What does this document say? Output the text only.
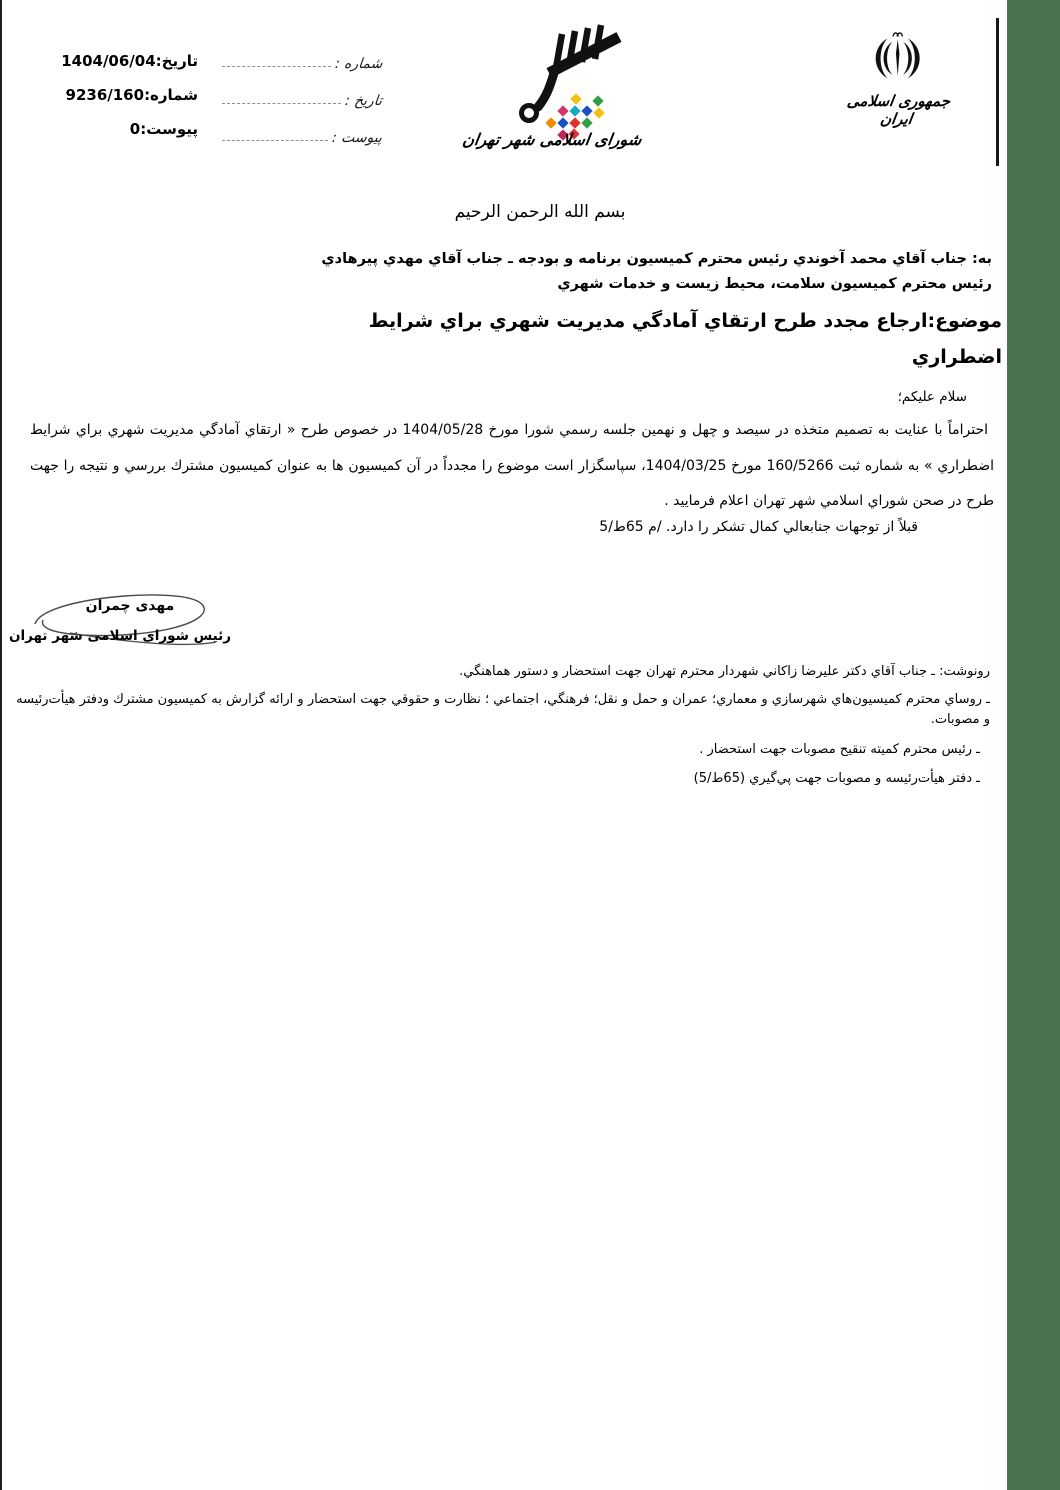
تاريخ:1404/06/04
شماره:9236/160
پيوست:0
شماره :
تاريخ :
پيوست :	شورای اسلامی شهر تهران
جمهوری اسلامی ایران
بسم الله الرحمن الرحيم
به: جناب آقاي محمد آخوندي رئيس محترم كميسيون برنامه و بودجه ـ جناب آقاي مهدي پيرهادي رئيس محترم كميسيون سلامت، محيط زيست و خدمات شهري
موضوع:ارجاع مجدد طرح ارتقاي آمادگي مديريت شهري براي شرايط اضطراري
سلام عليكم؛
احتراماً با عنايت به تصميم متخذه در سيصد و چهل و نهمين جلسه رسمي شورا مورخ 1404/05/28 در خصوص طرح « ارتقاي آمادگي مديريت شهري براي شرايط اضطراري » به شماره ثبت 160/5266 مورخ 1404/03/25، سپاسگزار است موضوع را مجدداً در آن كميسيون ها به عنوان كميسيون مشترك بررسي و نتيجه را جهت طرح در صحن شوراي اسلامي شهر تهران اعلام فرماييد .
قبلاً از توجهات جنابعالي كمال تشكر را دارد. /م 65ط/5
مهدی چمران
رئیس شورای اسلامی شهر تهران
رونوشت: ـ جناب آقاي دكتر عليرضا زاكاني شهردار محترم تهران جهت استحضار و دستور هماهنگي.
ـ روساي محترم كميسيون‌هاي شهرسازي و معماري؛ عمران و حمل و نقل؛ فرهنگي، اجتماعي ؛ نظارت و حقوقي جهت استحضار و ارائه گزارش به كميسيون مشترك ودفتر هيأت‌رئيسه و مصوبات.
ـ رئيس محترم كميته تنقيح مصوبات جهت استحضار .
ـ دفتر هيأت‌رئيسه و مصوبات جهت پي‌گيري (65ط/5)
